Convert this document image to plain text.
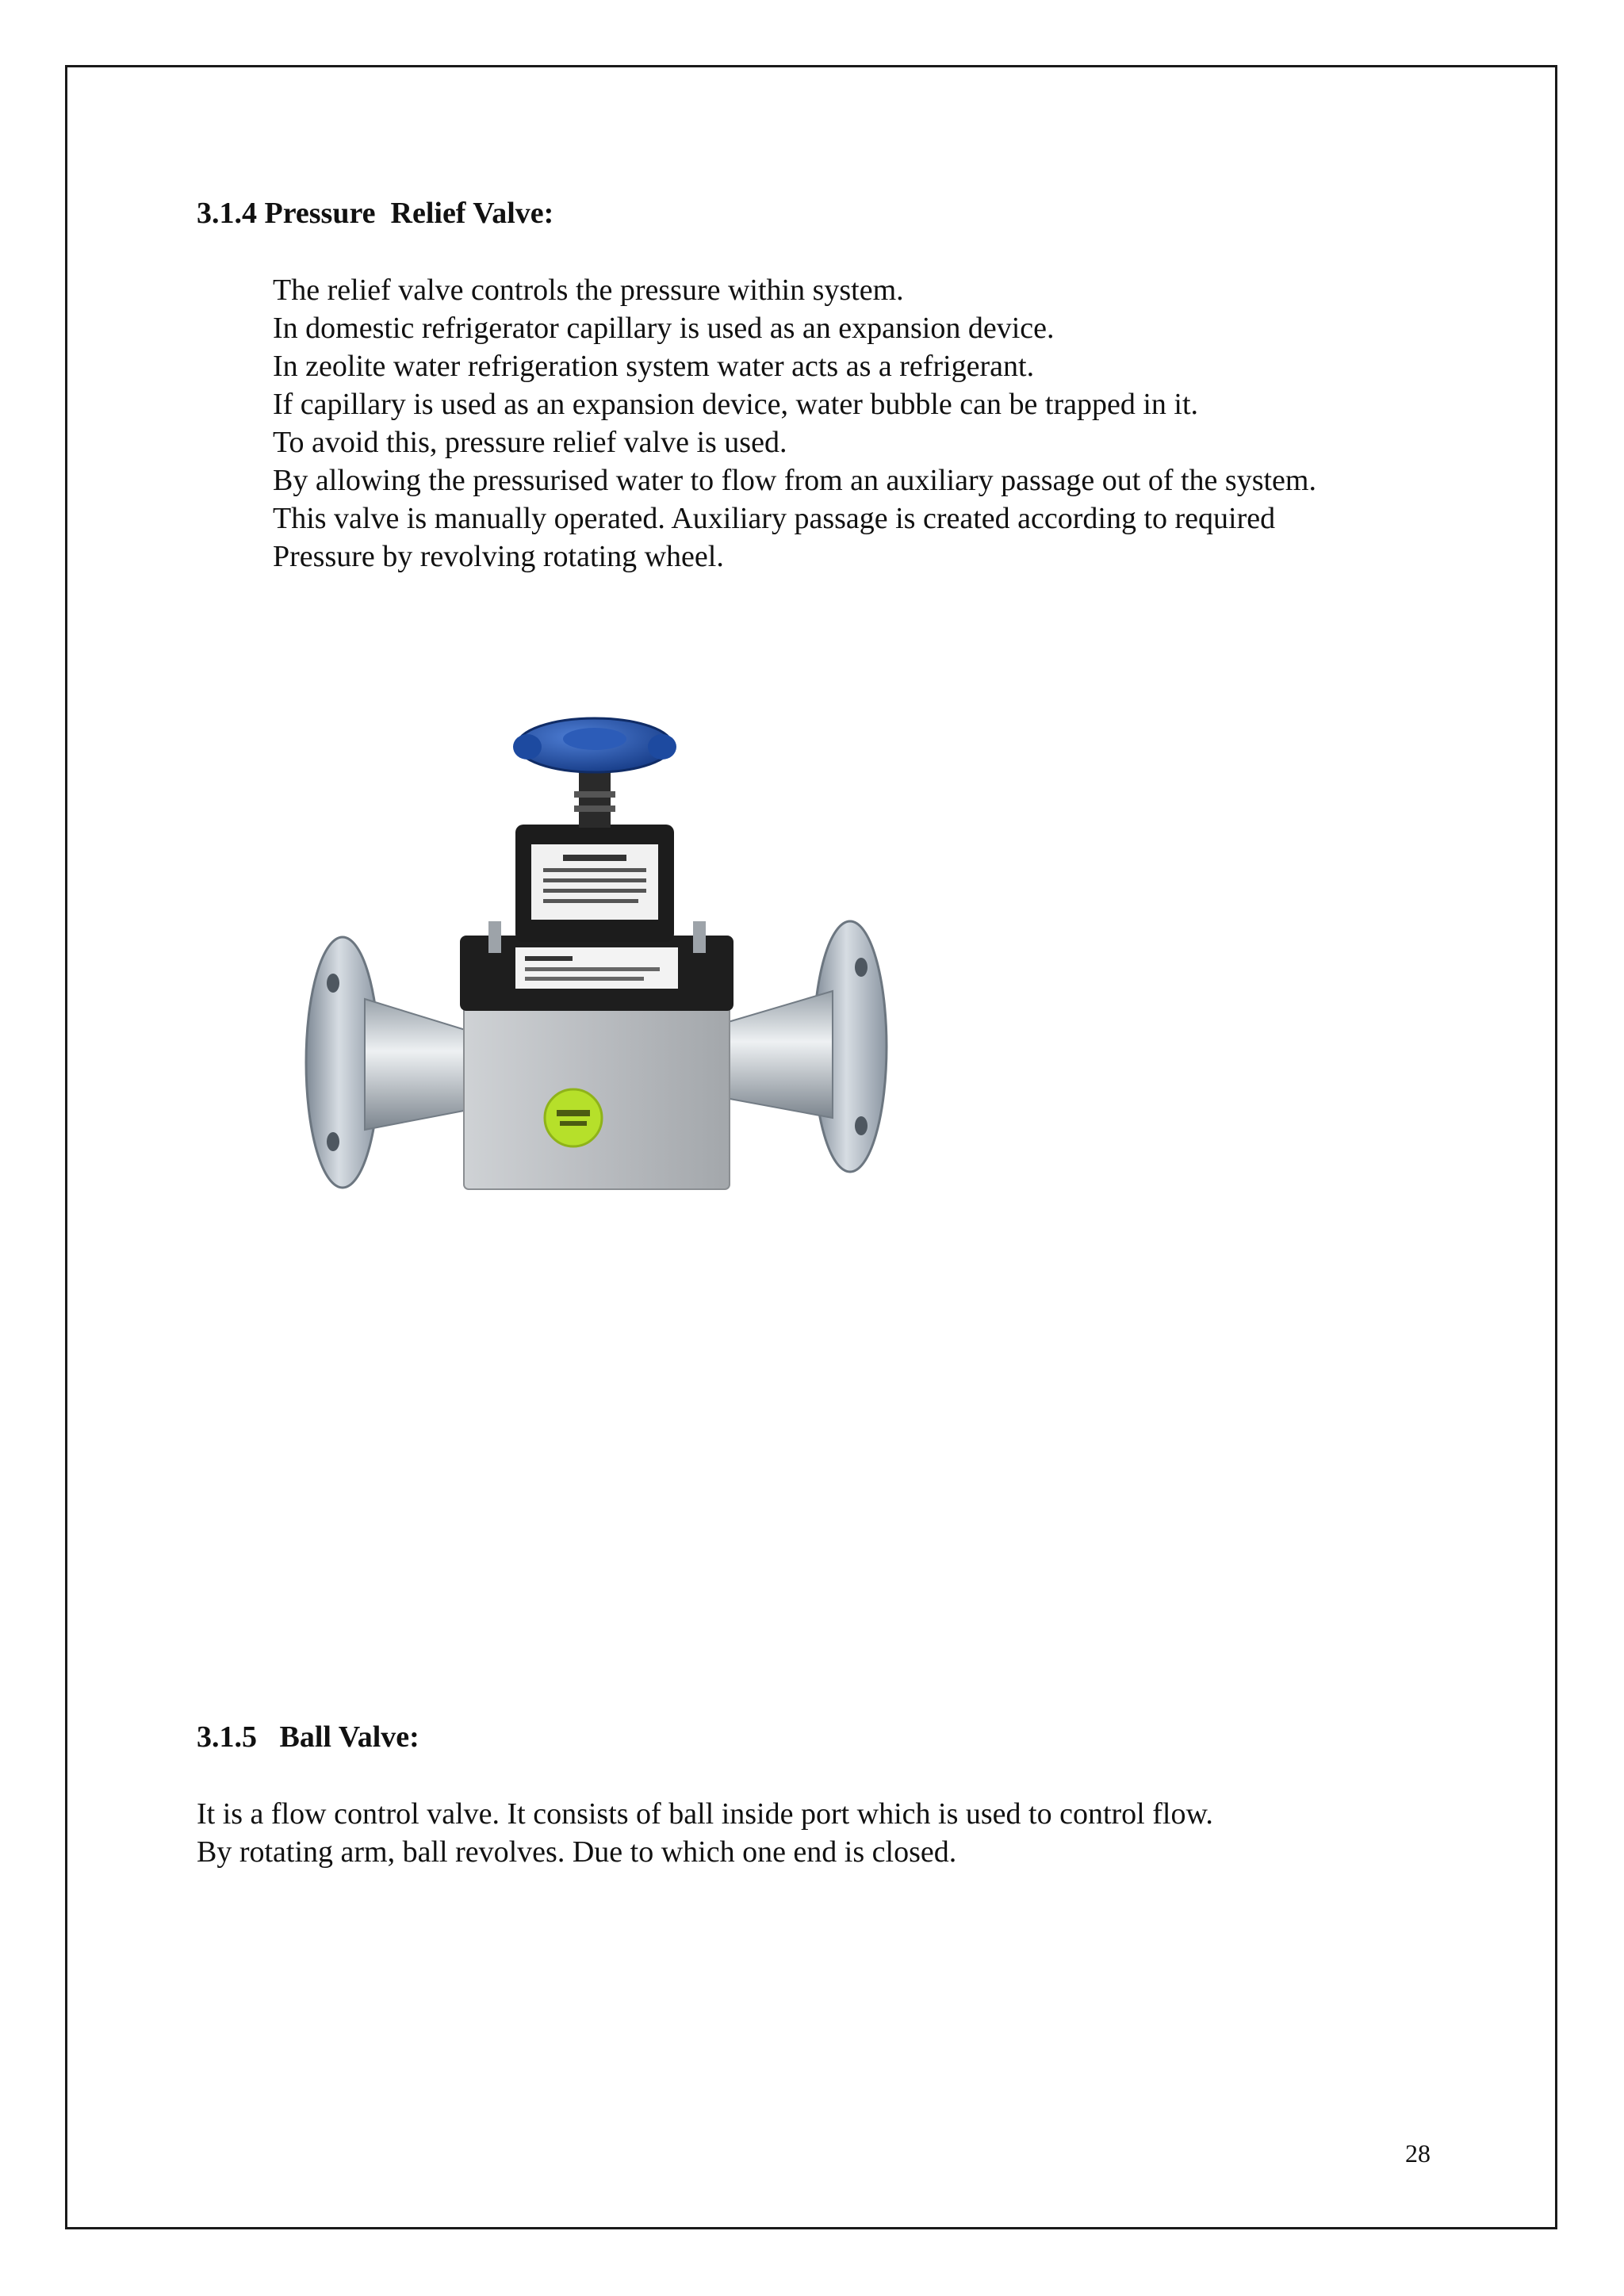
3.1.4 Pressure  Relief Valve:
The relief valve controls the pressure within system.
In domestic refrigerator capillary is used as an expansion device.
In zeolite water refrigeration system water acts as a refrigerant.
If capillary is used as an expansion device, water bubble can be trapped in it.
To avoid this, pressure relief valve is used.
By allowing the pressurised water to flow from an auxiliary passage out of the system.
This valve is manually operated. Auxiliary passage is created according to required
Pressure by revolving rotating wheel.
3.1.5   Ball Valve:
It is a flow control valve. It consists of ball inside port which is used to control flow.
By rotating arm, ball revolves. Due to which one end is closed.
28
